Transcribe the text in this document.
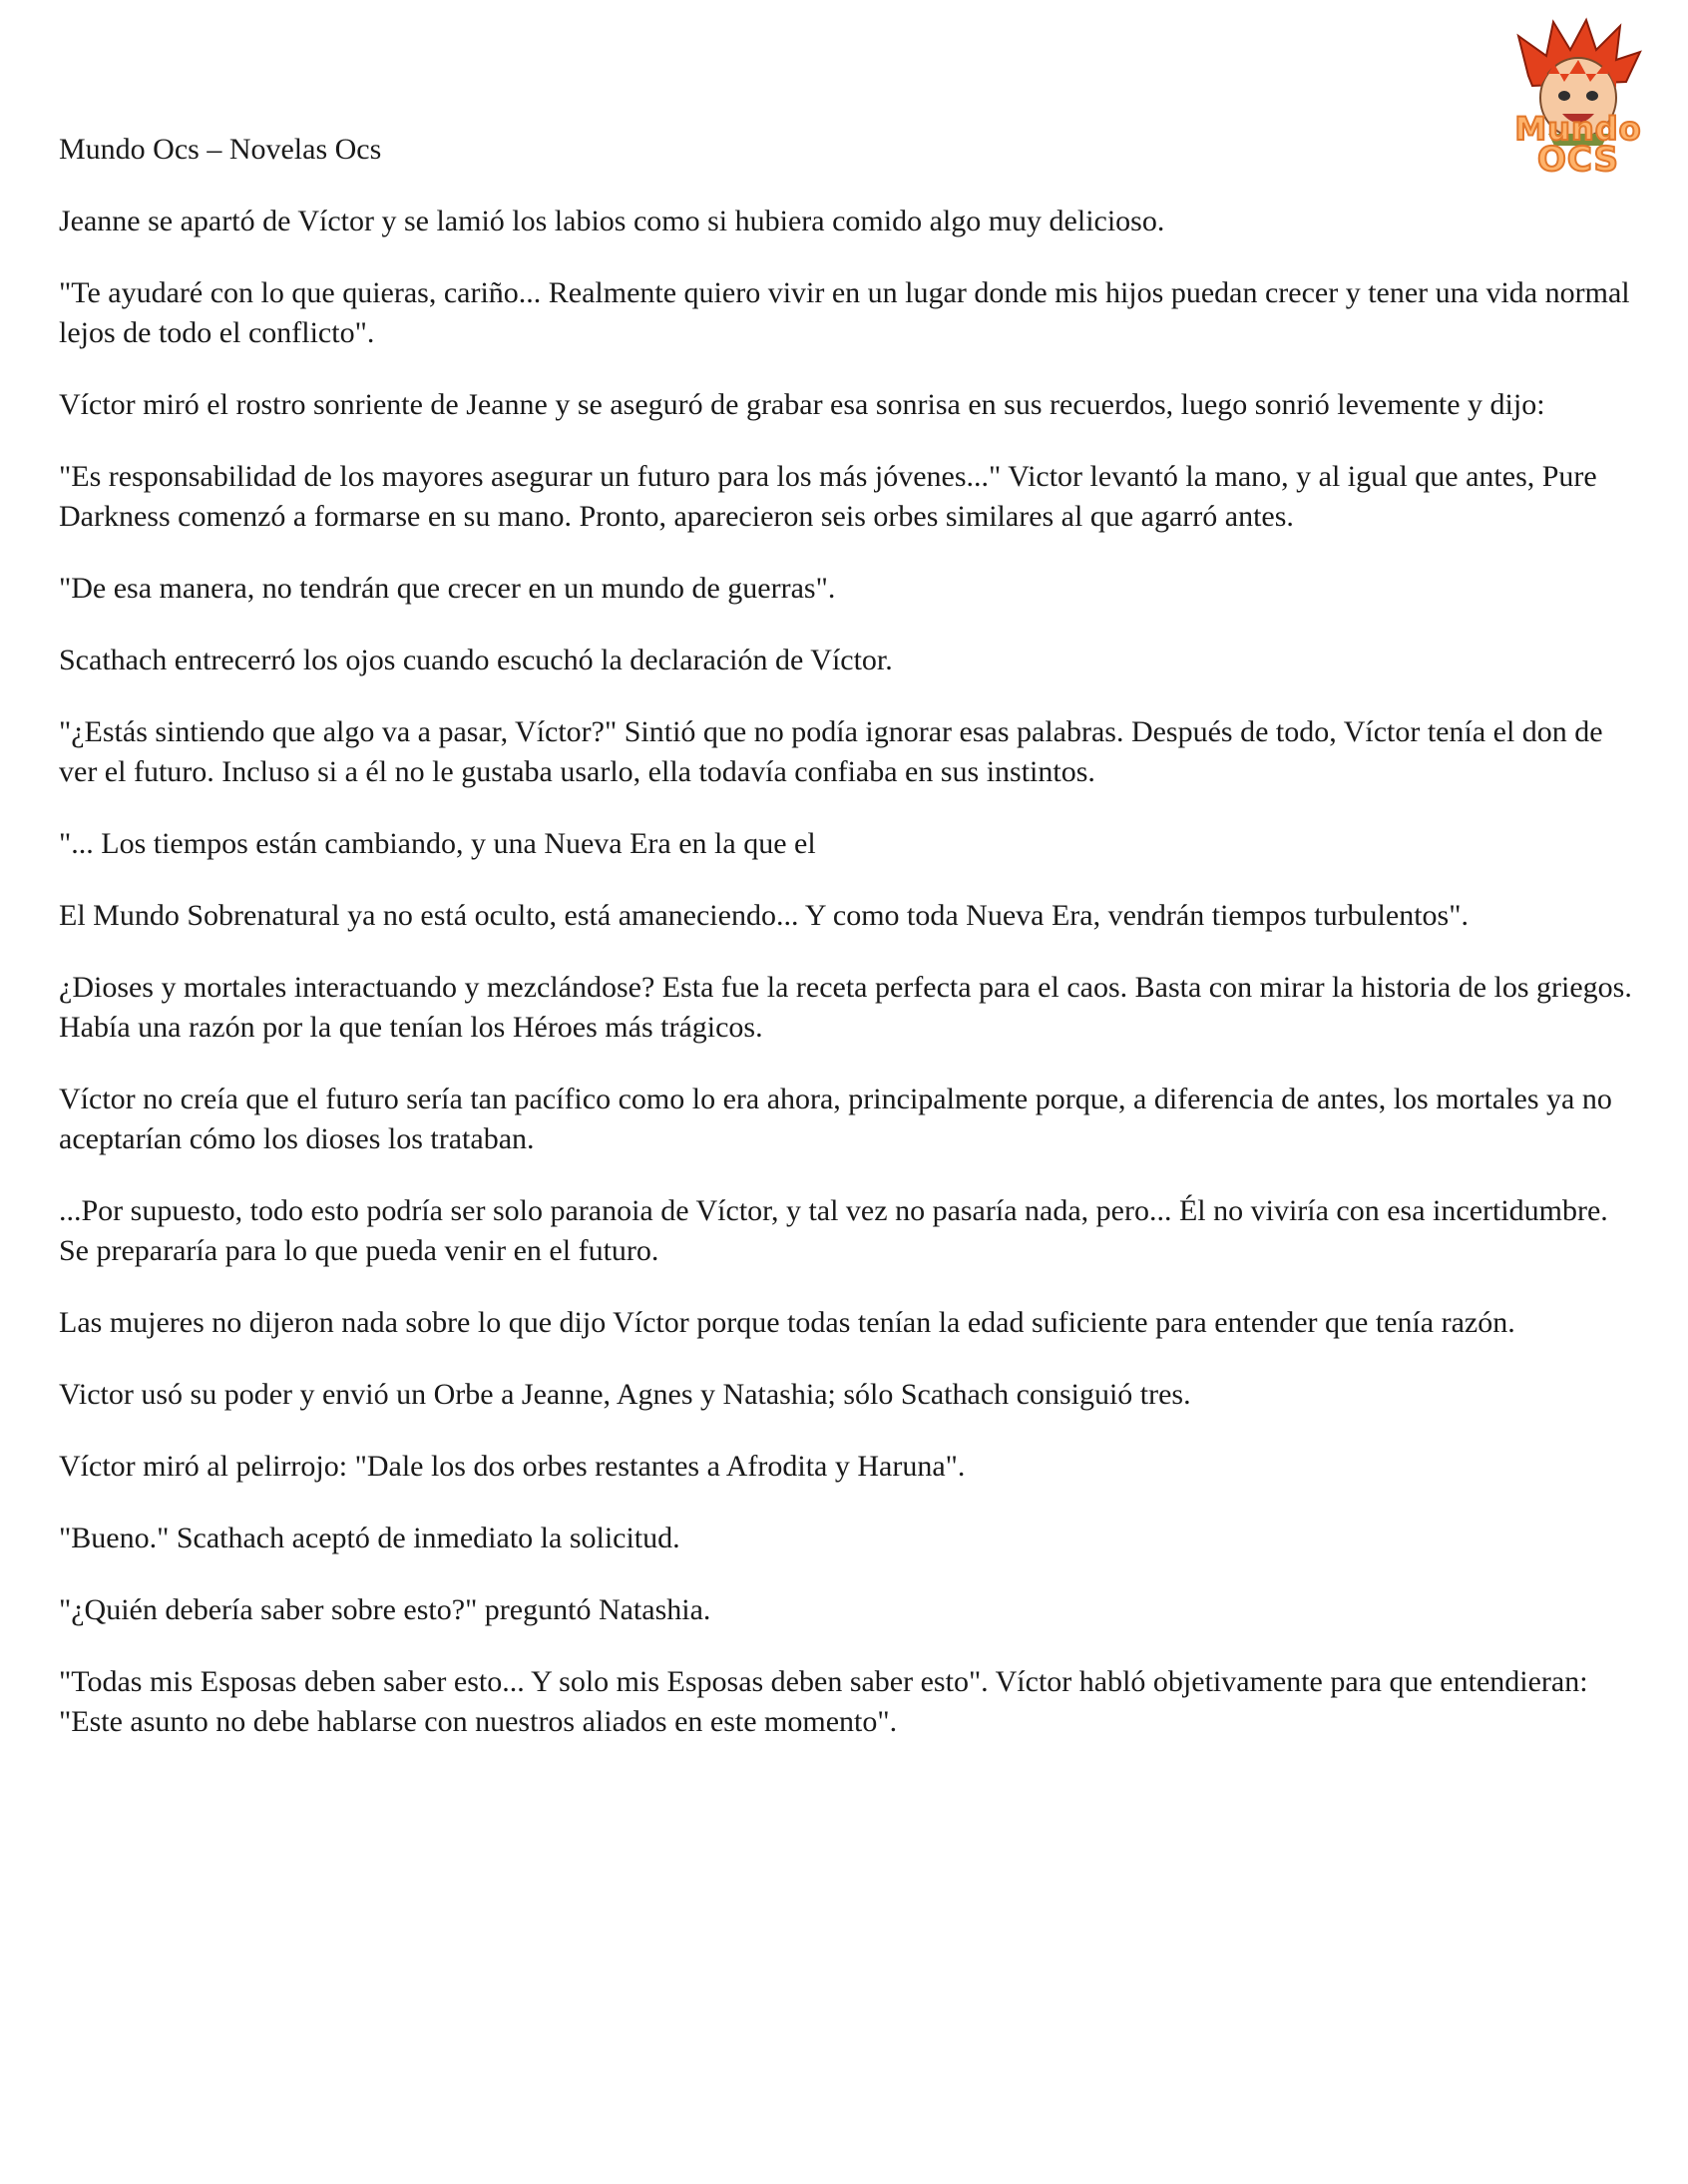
Mundo Ocs – Novelas Ocs
Mundo
OCS

Jeanne se apartó de Víctor y se lamió los labios como si hubiera comido algo muy delicioso.

"Te ayudaré con lo que quieras, cariño... Realmente quiero vivir en un lugar donde mis hijos puedan crecer y tener una vida normal lejos de todo el conflicto".

Víctor miró el rostro sonriente de Jeanne y se aseguró de grabar esa sonrisa en sus recuerdos, luego sonrió levemente y dijo:

"Es responsabilidad de los mayores asegurar un futuro para los más jóvenes..." Victor levantó la mano, y al igual que antes, Pure Darkness comenzó a formarse en su mano. Pronto, aparecieron seis orbes similares al que agarró antes.

"De esa manera, no tendrán que crecer en un mundo de guerras".

Scathach entrecerró los ojos cuando escuchó la declaración de Víctor.

"¿Estás sintiendo que algo va a pasar, Víctor?" Sintió que no podía ignorar esas palabras. Después de todo, Víctor tenía el don de ver el futuro. Incluso si a él no le gustaba usarlo, ella todavía confiaba en sus instintos.

"... Los tiempos están cambiando, y una Nueva Era en la que el

El Mundo Sobrenatural ya no está oculto, está amaneciendo... Y como toda Nueva Era, vendrán tiempos turbulentos".

¿Dioses y mortales interactuando y mezclándose? Esta fue la receta perfecta para el caos. Basta con mirar la historia de los griegos. Había una razón por la que tenían los Héroes más trágicos.

Víctor no creía que el futuro sería tan pacífico como lo era ahora, principalmente porque, a diferencia de antes, los mortales ya no aceptarían cómo los dioses los trataban.

...Por supuesto, todo esto podría ser solo paranoia de Víctor, y tal vez no pasaría nada, pero... Él no viviría con esa incertidumbre. Se prepararía para lo que pueda venir en el futuro.

Las mujeres no dijeron nada sobre lo que dijo Víctor porque todas tenían la edad suficiente para entender que tenía razón.

Victor usó su poder y envió un Orbe a Jeanne, Agnes y Natashia; sólo Scathach consiguió tres.

Víctor miró al pelirrojo: "Dale los dos orbes restantes a Afrodita y Haruna".

"Bueno." Scathach aceptó de inmediato la solicitud.

"¿Quién debería saber sobre esto?" preguntó Natashia.

"Todas mis Esposas deben saber esto... Y solo mis Esposas deben saber esto". Víctor habló objetivamente para que entendieran: "Este asunto no debe hablarse con nuestros aliados en este momento".
